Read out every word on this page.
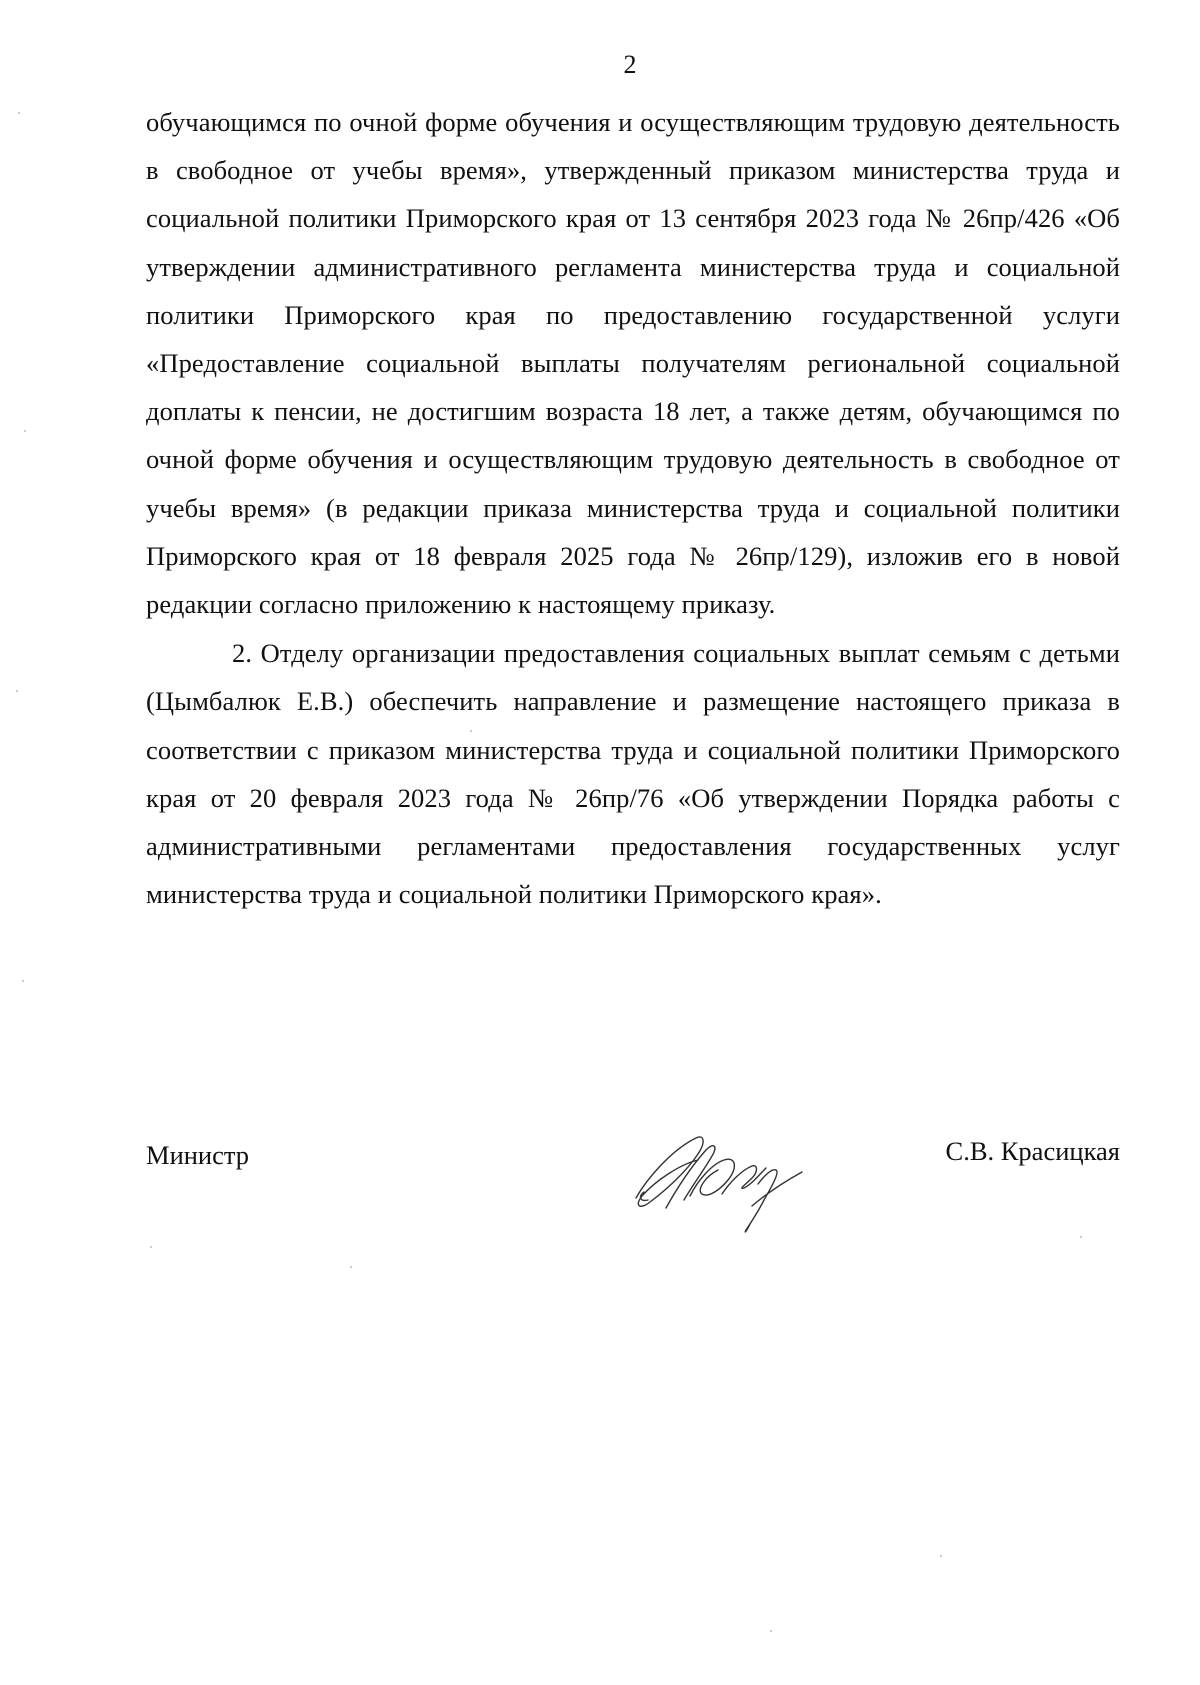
2

обучающимся по очной форме обучения и осуществляющим трудовую деятельность в свободное от учебы время», утвержденный приказом министерства труда и социальной политики Приморского края от 13 сентября 2023 года № 26пр/426 «Об утверждении административного регламента министерства труда и социальной политики Приморского края по предоставлению государственной услуги «Предоставление социальной выплаты получателям региональной социальной доплаты к пенсии, не достигшим возраста 18 лет, а также детям, обучающимся по очной форме обучения и осуществляющим трудовую деятельность в свободное от учебы время» (в редакции приказа министерства труда и социальной политики Приморского края от 18 февраля 2025 года № 26пр/129), изложив его в новой редакции согласно приложению к настоящему приказу.

2. Отделу организации предоставления социальных выплат семьям с детьми (Цымбалюк Е.В.) обеспечить направление и размещение настоящего приказа в соответствии с приказом министерства труда и социальной политики Приморского края от 20 февраля 2023 года № 26пр/76 «Об утверждении Порядка работы с административными регламентами предоставления государственных услуг министерства труда и социальной политики Приморского края».

Министр	С.В. Красицкая
